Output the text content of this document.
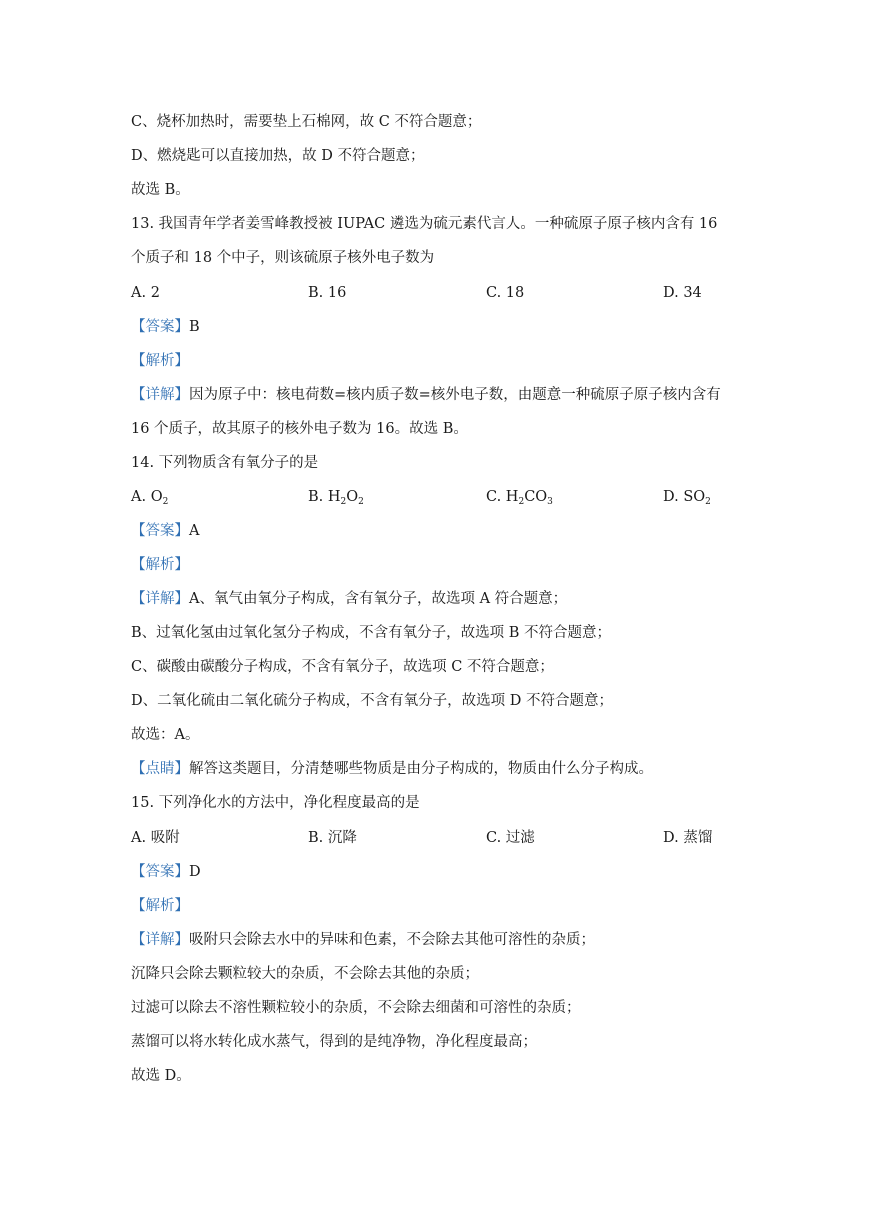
C、烧杯加热时，需要垫上石棉网，故 C 不符合题意；
D、燃烧匙可以直接加热，故 D 不符合题意；
故选 B。
13. 我国青年学者姜雪峰教授被 IUPAC 遴选为硫元素代言人。一种硫原子原子核内含有 16
个质子和 18 个中子，则该硫原子核外电子数为
A. 2	B. 16	C. 18	D. 34
【答案】B
【解析】
【详解】因为原子中：核电荷数=核内质子数=核外电子数，由题意一种硫原子原子核内含有
16 个质子，故其原子的核外电子数为 16。故选 B。
14. 下列物质含有氧分子的是
A. $O_2$	B. $H_2O_2$	C. $H_2CO_3$	D. $SO_2$
【答案】A
【解析】
【详解】A、氧气由氧分子构成，含有氧分子，故选项 A 符合题意；
B、过氧化氢由过氧化氢分子构成，不含有氧分子，故选项 B 不符合题意；
C、碳酸由碳酸分子构成，不含有氧分子，故选项 C 不符合题意；
D、二氧化硫由二氧化硫分子构成，不含有氧分子，故选项 D 不符合题意；
故选：A。
【点睛】解答这类题目，分清楚哪些物质是由分子构成的，物质由什么分子构成。
15. 下列净化水的方法中，净化程度最高的是
A. 吸附	B. 沉降	C. 过滤	D. 蒸馏
【答案】D
【解析】
【详解】吸附只会除去水中的异味和色素，不会除去其他可溶性的杂质；
沉降只会除去颗粒较大的杂质，不会除去其他的杂质；
过滤可以除去不溶性颗粒较小的杂质，不会除去细菌和可溶性的杂质；
蒸馏可以将水转化成水蒸气，得到的是纯净物，净化程度最高；
故选 D。
